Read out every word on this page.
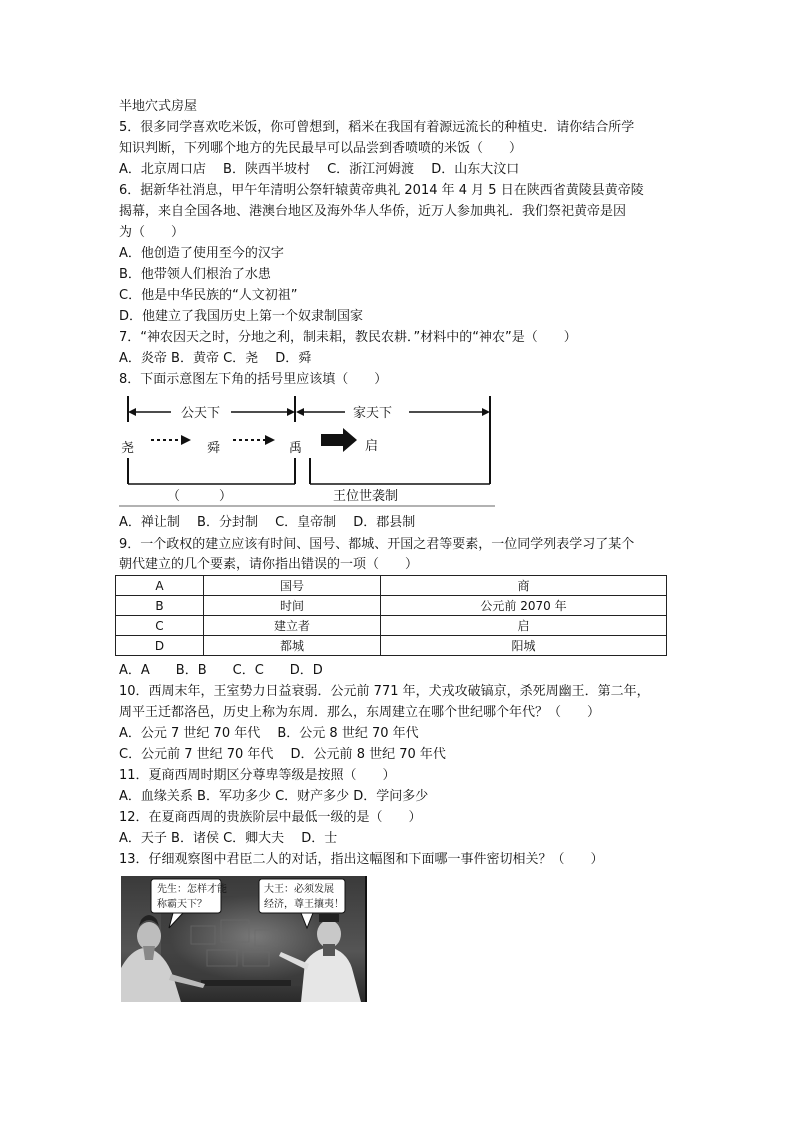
半地穴式房屋
5．很多同学喜欢吃米饭，你可曾想到，稻米在我国有着源远流长的种植史．请你结合所学
知识判断，下列哪个地方的先民最早可以品尝到香喷喷的米饭（　　）
A．北京周口店　 B．陕西半坡村　 C．浙江河姆渡　 D．山东大汶口
6．据新华社消息，甲午年清明公祭轩辕黄帝典礼 2014 年 4 月 5 日在陕西省黄陵县黄帝陵
揭幕，来自全国各地、港澳台地区及海外华人华侨，近万人参加典礼．我们祭祀黄帝是因
为（　　）
A．他创造了使用至今的汉字
B．他带领人们根治了水患
C．他是中华民族的“人文初祖”
D．他建立了我国历史上第一个奴隶制国家
7．“神农因天之时，分地之利，制耒耜，教民农耕．”材料中的“神农”是（　　）
A．炎帝 B．黄帝 C．尧　 D．舜
8．下面示意图左下角的括号里应该填（　　）
公天下	家天下
尧	舜	禹	启
（　　　）	王位世袭制
A．禅让制　 B．分封制　 C．皇帝制　 D．郡县制
9．一个政权的建立应该有时间、国号、都城、开国之君等要素，一位同学列表学习了某个
朝代建立的几个要素，请你指出错误的一项（　　）
A	国号	商
B	时间	公元前 2070 年
C	建立者	启
D	都城	阳城
A．A　　B．B　　C．C　　D．D
10．西周末年，王室势力日益衰弱．公元前 771 年，犬戎攻破镐京，杀死周幽王．第二年，
周平王迁都洛邑，历史上称为东周．那么，东周建立在哪个世纪哪个年代？（　　）
A．公元 7 世纪 70 年代　 B．公元 8 世纪 70 年代
C．公元前 7 世纪 70 年代　 D．公元前 8 世纪 70 年代
11．夏商西周时期区分尊卑等级是按照（　　）
A．血缘关系 B．军功多少 C．财产多少 D．学问多少
12．在夏商西周的贵族阶层中最低一级的是（　　）
A．天子 B．诸侯 C．卿大夫　 D．士
13．仔细观察图中君臣二人的对话，指出这幅图和下面哪一事件密切相关？（　　）
先生：怎样才能
称霸天下？
大王：必须发展
经济，尊王攘夷！
